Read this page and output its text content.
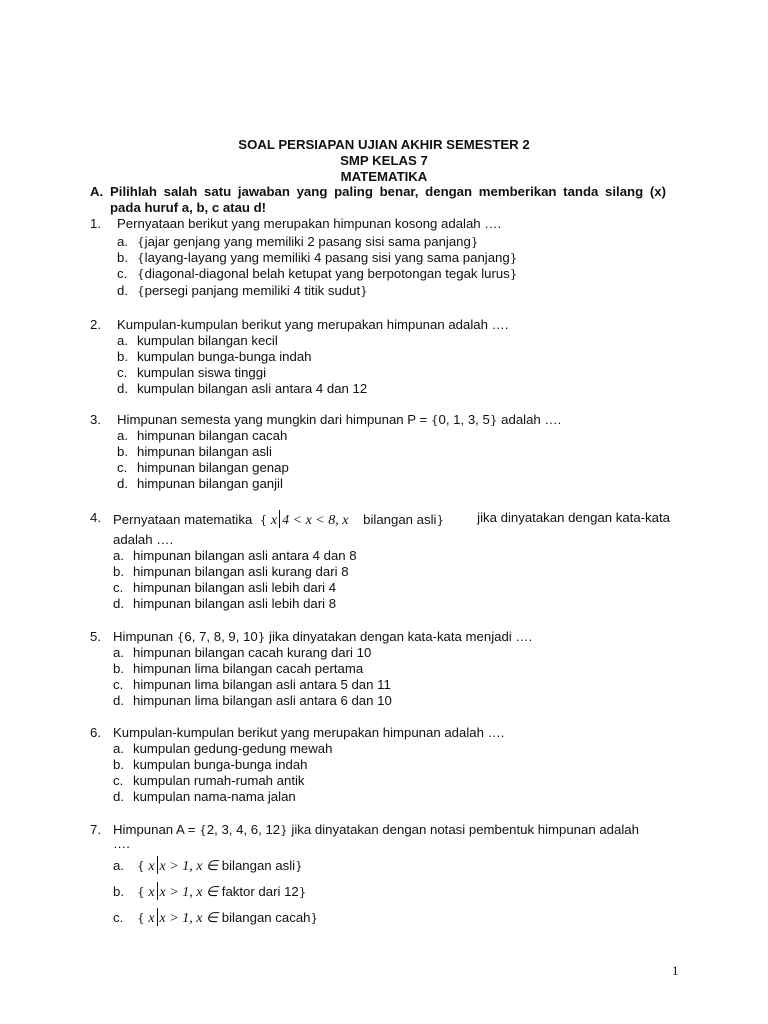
SOAL PERSIAPAN UJIAN AKHIR SEMESTER 2
SMP KELAS 7
MATEMATIKA
A. Pilihlah salah satu jawaban yang paling benar, dengan memberikan tanda silang (x)
pada huruf a, b, c atau d!
1. Pernyataan berikut yang merupakan himpunan kosong adalah ….
a. {jajar genjang yang memiliki 2 pasang sisi sama panjang}
b. {layang-layang yang memiliki 4 pasang sisi yang sama panjang}
c. {diagonal-diagonal belah ketupat yang berpotongan tegak lurus}
d. {persegi panjang memiliki 4 titik sudut}
2. Kumpulan-kumpulan berikut yang merupakan himpunan adalah ….
a. kumpulan bilangan kecil
b. kumpulan bunga-bunga indah
c. kumpulan siswa tinggi
d. kumpulan bilangan asli antara 4 dan 12
3. Himpunan semesta yang mungkin dari himpunan P = {0, 1, 3, 5} adalah ….
a. himpunan bilangan cacah
b. himpunan bilangan asli
c. himpunan bilangan genap
d. himpunan bilangan ganjil
4. Pernyataan matematika { x 4 < x < 8, x bilangan asli}	jika dinyatakan dengan kata-kata
adalah ….
a. himpunan bilangan asli antara 4 dan 8
b. himpunan bilangan asli kurang dari 8
c. himpunan bilangan asli lebih dari 4
d. himpunan bilangan asli lebih dari 8
5. Himpunan {6, 7, 8, 9, 10} jika dinyatakan dengan kata-kata menjadi ….
a. himpunan bilangan cacah kurang dari 10
b. himpunan lima bilangan cacah pertama
c. himpunan lima bilangan asli antara 5 dan 11
d. himpunan lima bilangan asli antara 6 dan 10
6. Kumpulan-kumpulan berikut yang merupakan himpunan adalah ….
a. kumpulan gedung-gedung mewah
b. kumpulan bunga-bunga indah
c. kumpulan rumah-rumah antik
d. kumpulan nama-nama jalan
7. Himpunan A = {2, 3, 4, 6, 12} jika dinyatakan dengan notasi pembentuk himpunan adalah
….
a. { x x > 1, x ∈ bilangan asli}
b. { x x > 1, x ∈ faktor dari 12}
c. { x x > 1, x ∈ bilangan cacah}
1
